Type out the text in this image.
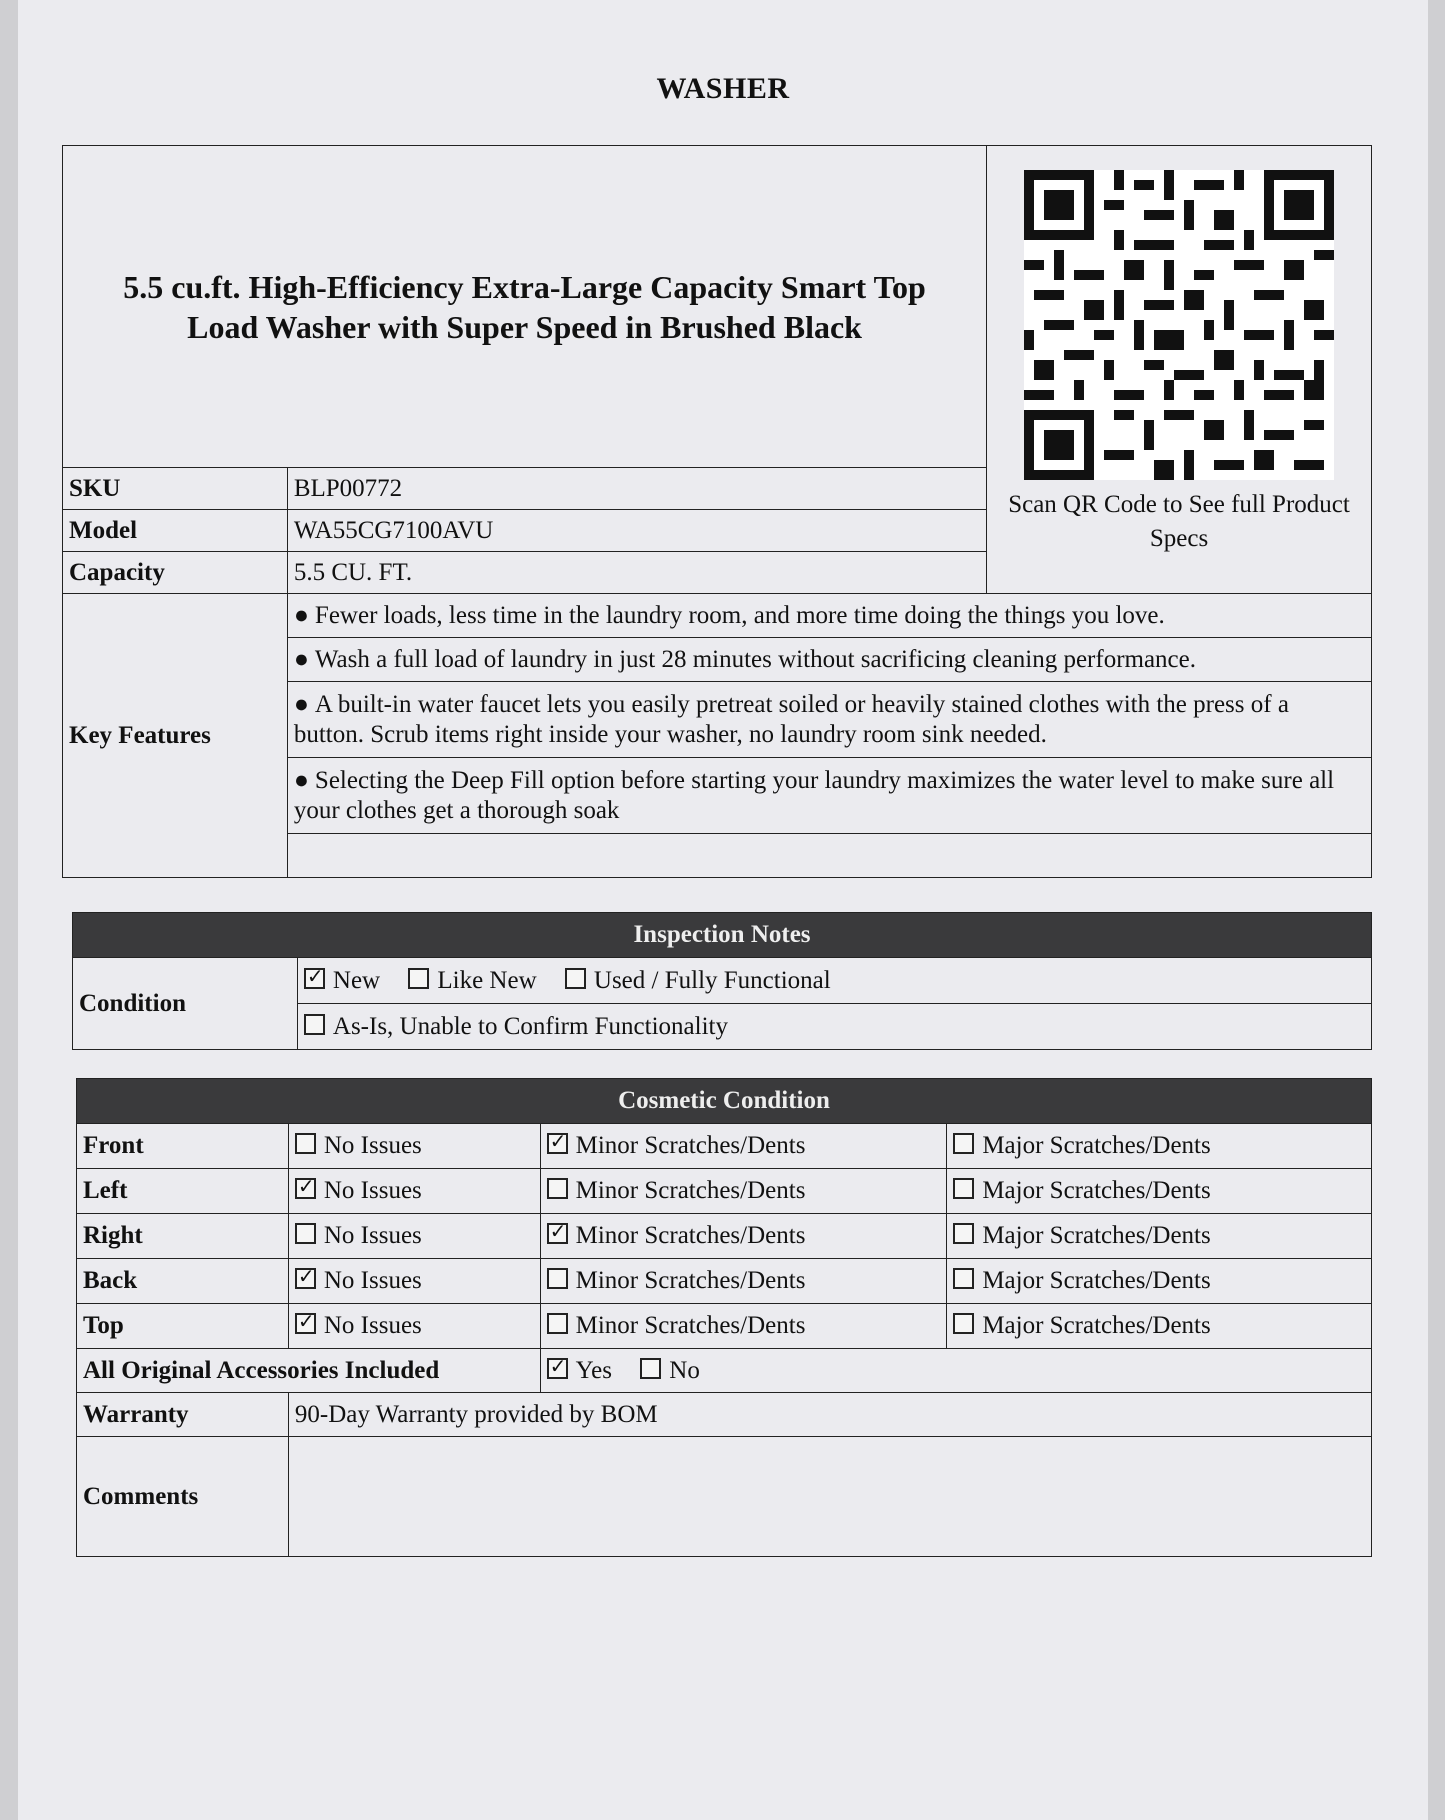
WASHER
5.5 cu.ft. High-Efficiency Extra-Large Capacity Smart Top Load Washer with Super Speed in Brushed Black		Scan QR Code to See full Product Specs

SKU	BLP00772	
Model	WA55CG7100AVU	
Capacity	5.5 CU. FT.	
Key Features	● Fewer loads, less time in the laundry room, and more time doing the things you love.	
	● Wash a full load of laundry in just 28 minutes without sacrificing cleaning performance.	
	● A built-in water faucet lets you easily pretreat soiled or heavily stained clothes with the press of a button. Scrub items right inside your washer, no laundry room sink needed.	
	● Selecting the Deep Fill option before starting your laundry maximizes the water level to make sure all your clothes get a thorough soak	

Inspection Notes
Condition	✓New Like New Used / Fully Functional
As-Is, Unable to Confirm Functionality
Cosmetic Condition			
Front	No Issues	✓Minor Scratches/Dents	Major Scratches/Dents
Left	✓No Issues	Minor Scratches/Dents	Major Scratches/Dents
Right	No Issues	✓Minor Scratches/Dents	Major Scratches/Dents
Back	✓No Issues	Minor Scratches/Dents	Major Scratches/Dents
Top	✓No Issues	Minor Scratches/Dents	Major Scratches/Dents
All Original Accessories Included	✓Yes No
Warranty	90-Day Warranty provided by BOM		
Comments			
